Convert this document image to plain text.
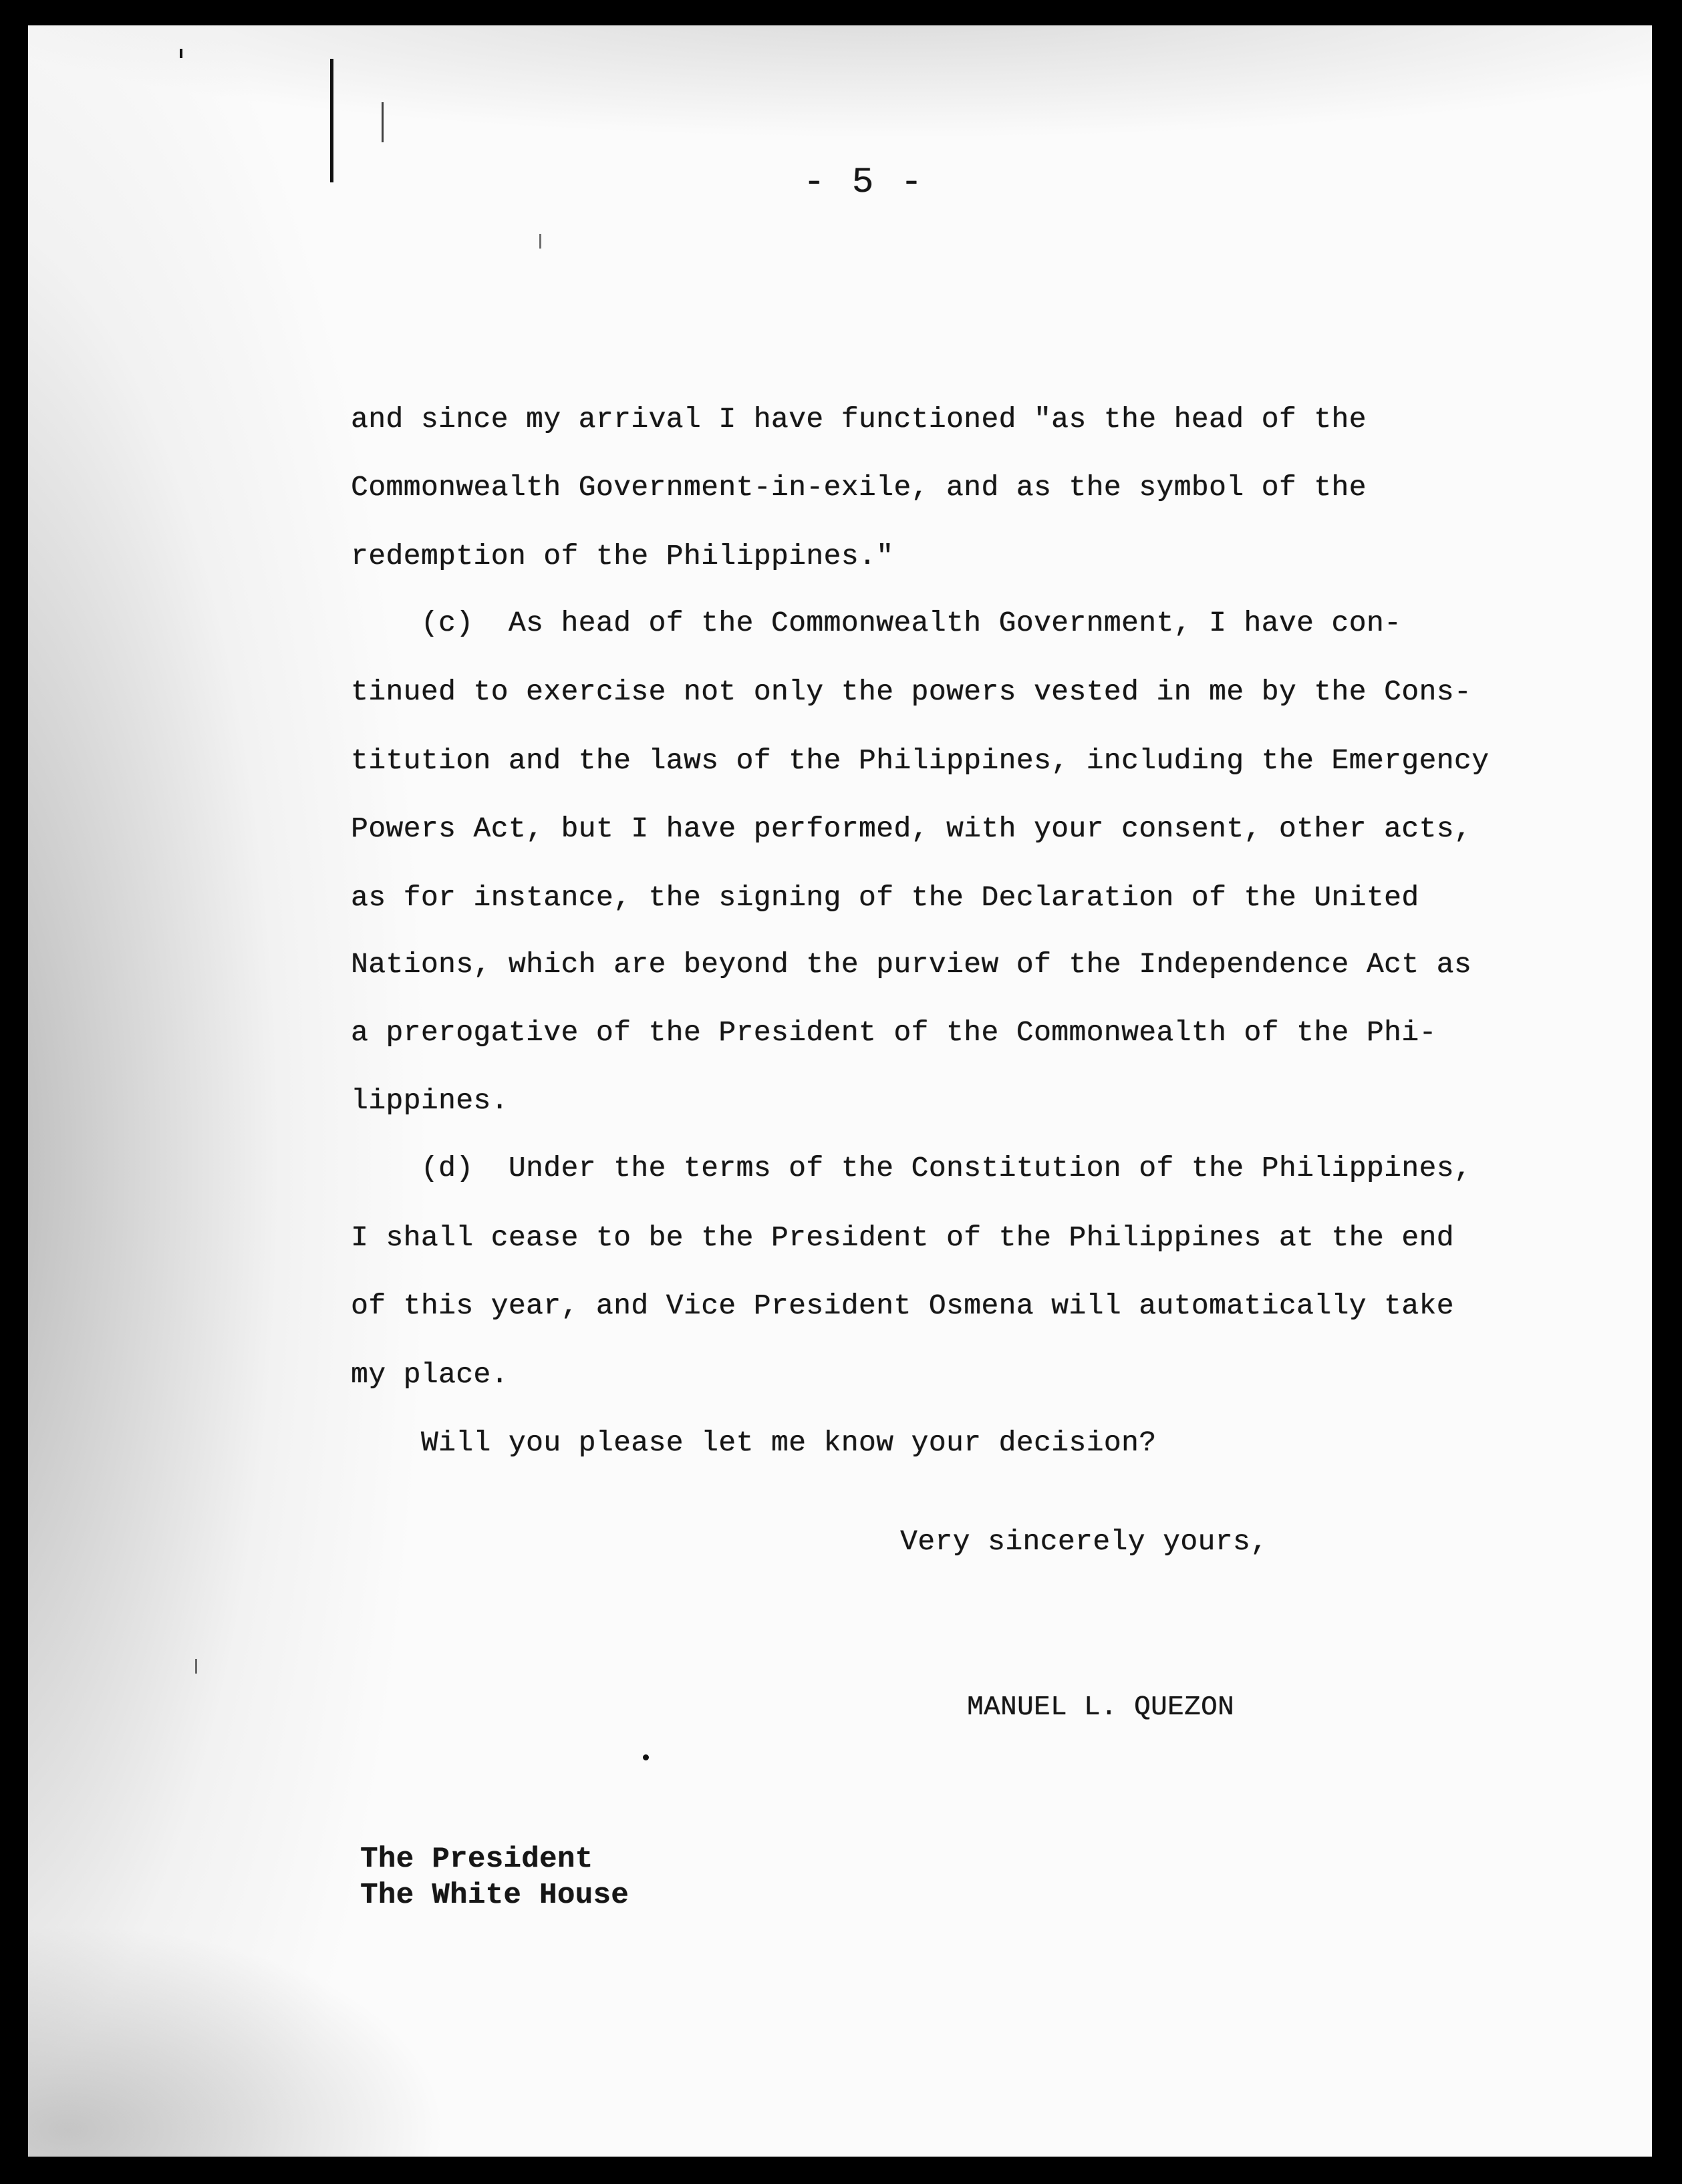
- 5 -
and since my arrival I have functioned "as the head of the
Commonwealth Government-in-exile, and as the symbol of the
redemption of the Philippines."
(c)  As head of the Commonwealth Government, I have con-
tinued to exercise not only the powers vested in me by the Cons-
titution and the laws of the Philippines, including the Emergency
Powers Act, but I have performed, with your consent, other acts,
as for instance, the signing of the Declaration of the United
Nations, which are beyond the purview of the Independence Act as
a prerogative of the President of the Commonwealth of the Phi-
lippines.
(d)  Under the terms of the Constitution of the Philippines,
I shall cease to be the President of the Philippines at the end
of this year, and Vice President Osmena will automatically take
my place.
Will you please let me know your decision?
Very sincerely yours,
MANUEL L. QUEZON
The President
The White House
